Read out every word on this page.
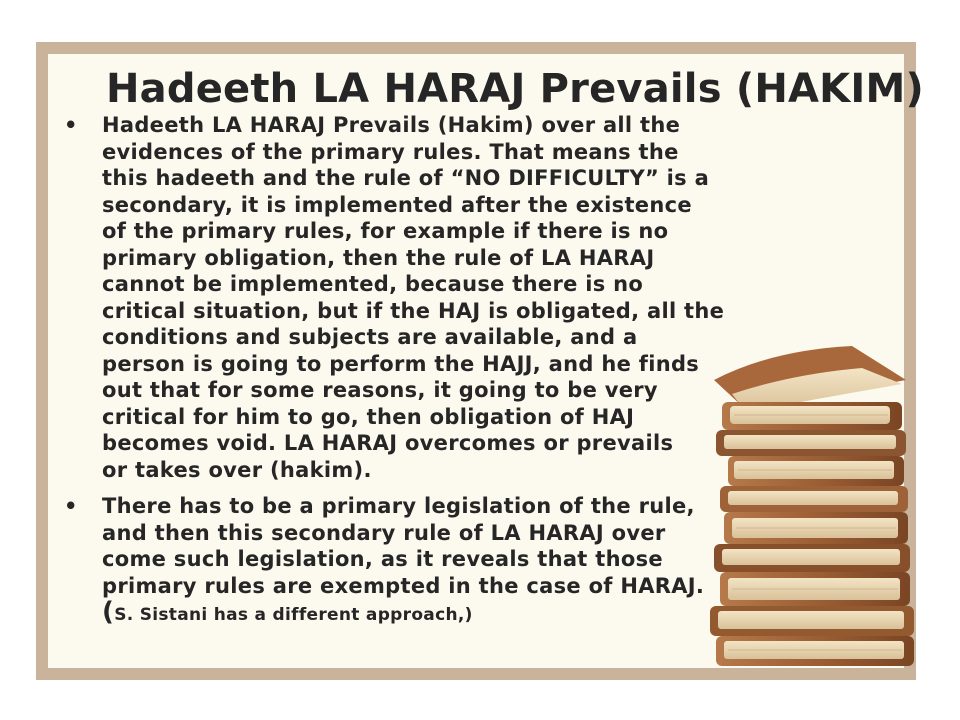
Hadeeth LA HARAJ Prevails (HAKIM)

• Hadeeth LA HARAJ Prevails (Hakim) over all the
evidences of the primary rules. That means the
this hadeeth and the rule of “NO DIFFICULTY” is a
secondary, it is implemented after the existence
of the primary rules, for example if there is no
primary obligation, then the rule of LA HARAJ
cannot be implemented, because there is no
critical situation, but if the HAJ is obligated, all the
conditions and subjects are available, and a
person is going to perform the HAJJ, and he finds
out that for some reasons, it going to be very
critical for him to go, then obligation of HAJ
becomes void. LA HARAJ overcomes or prevails
or takes over (hakim).

• There has to be a primary legislation of the rule,
and then this secondary rule of LA HARAJ over
come such legislation, as it reveals that those
primary rules are exempted in the case of HARAJ.
(S. Sistani has a different approach,)
